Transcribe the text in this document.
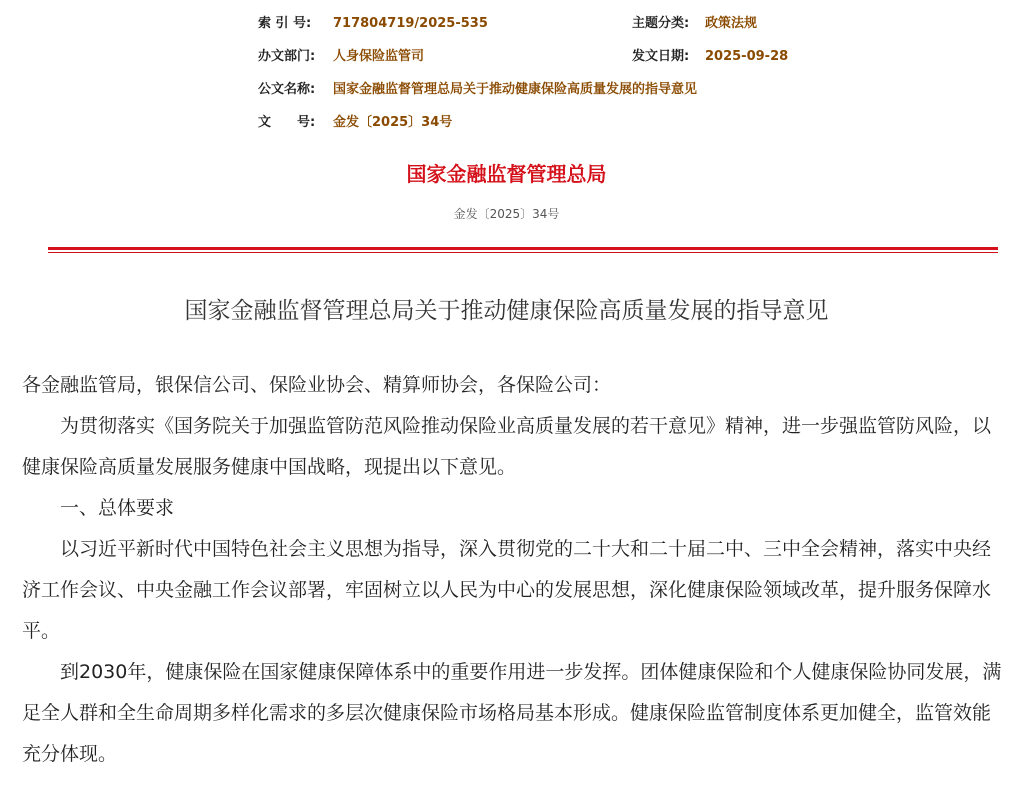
索 引 号: 717804719/2025-535	主题分类: 政策法规
办文部门: 人身保险监管司	发文日期: 2025-09-28
公文名称: 国家金融监督管理总局关于推动健康保险高质量发展的指导意见
文　　号: 金发〔2025〕34号
国家金融监督管理总局
金发〔2025〕34号
国家金融监督管理总局关于推动健康保险高质量发展的指导意见

各金融监管局，银保信公司、保险业协会、精算师协会，各保险公司：

为贯彻落实《国务院关于加强监管防范风险推动保险业高质量发展的若干意见》精神，进一步强监管防风险，以健康保险高质量发展服务健康中国战略，现提出以下意见。

一、总体要求

以习近平新时代中国特色社会主义思想为指导，深入贯彻党的二十大和二十届二中、三中全会精神，落实中央经济工作会议、中央金融工作会议部署，牢固树立以人民为中心的发展思想，深化健康保险领域改革，提升服务保障水平。

到2030年，健康保险在国家健康保障体系中的重要作用进一步发挥。团体健康保险和个人健康保险协同发展，满足全人群和全生命周期多样化需求的多层次健康保险市场格局基本形成。健康保险监管制度体系更加健全，监管效能充分体现。
